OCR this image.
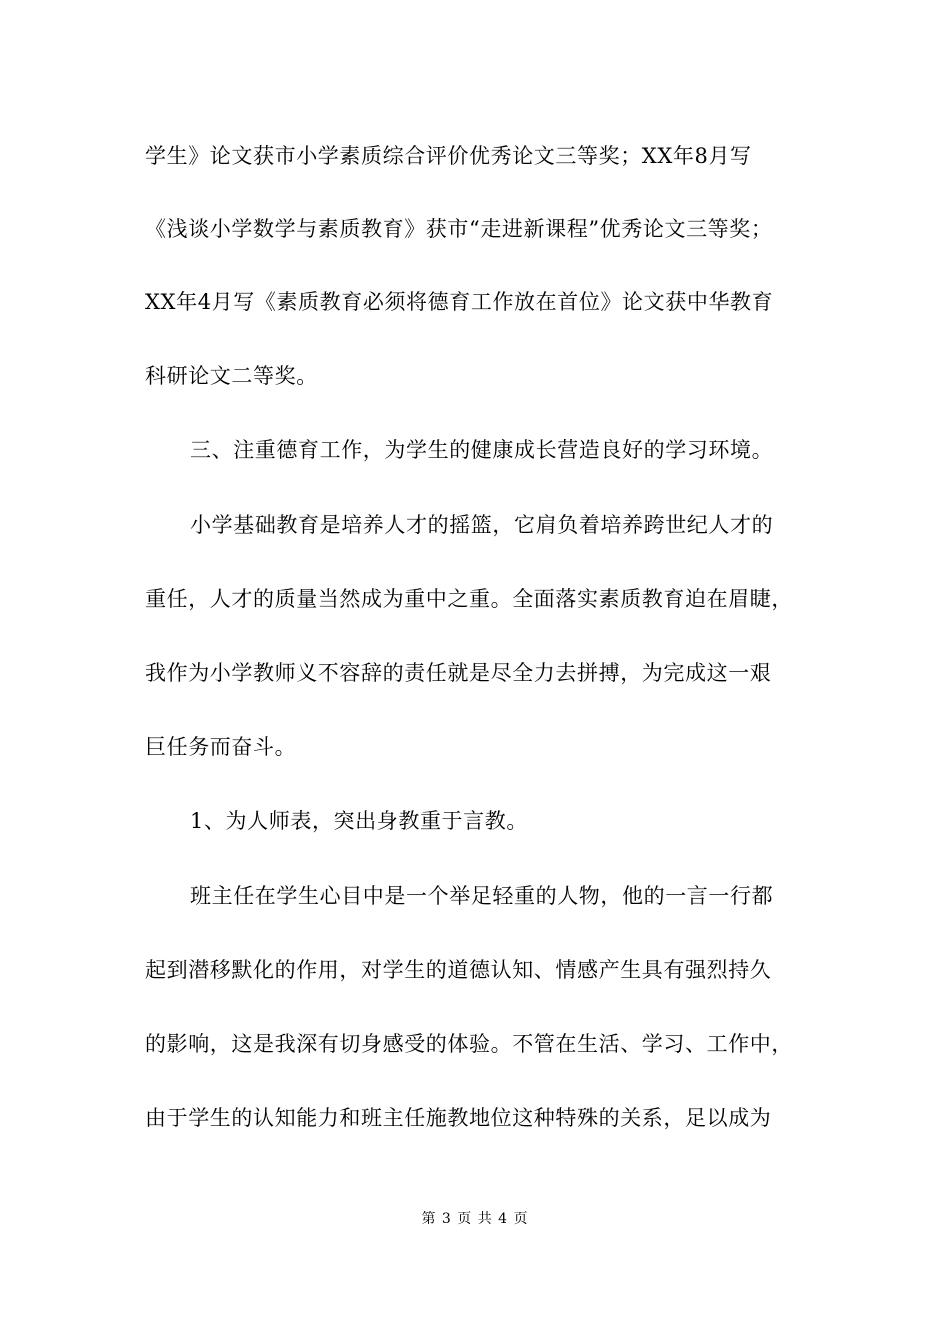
学生》论文获市小学素质综合评价优秀论文三等奖；XX年8月写
《浅谈小学数学与素质教育》获市“走进新课程”优秀论文三等奖；
XX年4月写《素质教育必须将德育工作放在首位》论文获中华教育
科研论文二等奖。
三、注重德育工作，为学生的健康成长营造良好的学习环境。
小学基础教育是培养人才的摇篮，它肩负着培养跨世纪人才的
重任，人才的质量当然成为重中之重。全面落实素质教育迫在眉睫，
我作为小学教师义不容辞的责任就是尽全力去拼搏，为完成这一艰
巨任务而奋斗。
1、为人师表，突出身教重于言教。
班主任在学生心目中是一个举足轻重的人物，他的一言一行都
起到潜移默化的作用，对学生的道德认知、情感产生具有强烈持久
的影响，这是我深有切身感受的体验。不管在生活、学习、工作中，
由于学生的认知能力和班主任施教地位这种特殊的关系，足以成为
第 3 页 共 4 页
